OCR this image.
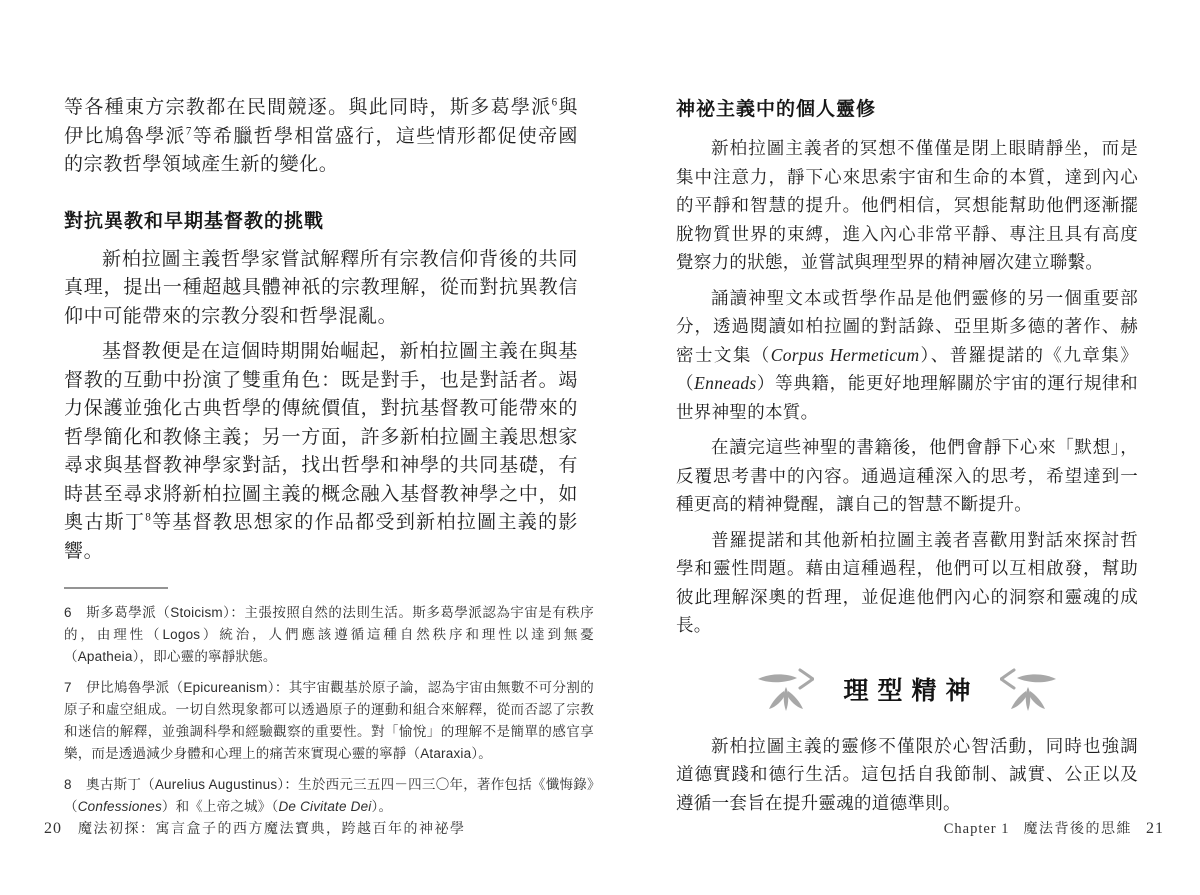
等各種東方宗教都在民間競逐。與此同時，斯多葛學派$^6$與伊比鳩魯學派$^7$等希臘哲學相當盛行，這些情形都促使帝國的宗教哲學領域產生新的變化。

對抗異教和早期基督教的挑戰

新柏拉圖主義哲學家嘗試解釋所有宗教信仰背後的共同真理，提出一種超越具體神祇的宗教理解，從而對抗異教信仰中可能帶來的宗教分裂和哲學混亂。

基督教便是在這個時期開始崛起，新柏拉圖主義在與基督教的互動中扮演了雙重角色：既是對手，也是對話者。竭力保護並強化古典哲學的傳統價值，對抗基督教可能帶來的哲學簡化和教條主義；另一方面，許多新柏拉圖主義思想家尋求與基督教神學家對話，找出哲學和神學的共同基礎，有時甚至尋求將新柏拉圖主義的概念融入基督教神學之中，如奧古斯丁$^8$等基督教思想家的作品都受到新柏拉圖主義的影響。

6 斯多葛學派（Stoicism）：主張按照自然的法則生活。斯多葛學派認為宇宙是有秩序的，由理性（Logos）統治，人們應該遵循這種自然秩序和理性以達到無憂（Apatheia），即心靈的寧靜狀態。

7 伊比鳩魯學派（Epicureanism）：其宇宙觀基於原子論，認為宇宙由無數不可分割的原子和虛空組成。一切自然現象都可以透過原子的運動和組合來解釋，從而否認了宗教和迷信的解釋，並強調科學和經驗觀察的重要性。對「愉悅」的理解不是簡單的感官享樂，而是透過減少身體和心理上的痛苦來實現心靈的寧靜（Ataraxia）。

8 奧古斯丁（Aurelius Augustinus）：生於西元三五四－四三〇年，著作包括《懺悔錄》（Confessiones）和《上帝之城》（De Civitate Dei）。

神祕主義中的個人靈修

新柏拉圖主義者的冥想不僅僅是閉上眼睛靜坐，而是集中注意力，靜下心來思索宇宙和生命的本質，達到內心的平靜和智慧的提升。他們相信，冥想能幫助他們逐漸擺脫物質世界的束縛，進入內心非常平靜、專注且具有高度覺察力的狀態，並嘗試與理型界的精神層次建立聯繫。

誦讀神聖文本或哲學作品是他們靈修的另一個重要部分，透過閱讀如柏拉圖的對話錄、亞里斯多德的著作、赫密士文集（Corpus Hermeticum）、普羅提諾的《九章集》（Enneads）等典籍，能更好地理解關於宇宙的運行規律和世界神聖的本質。

在讀完這些神聖的書籍後，他們會靜下心來「默想」，反覆思考書中的內容。通過這種深入的思考，希望達到一種更高的精神覺醒，讓自己的智慧不斷提升。

普羅提諾和其他新柏拉圖主義者喜歡用對話來探討哲學和靈性問題。藉由這種過程，他們可以互相啟發，幫助彼此理解深奧的哲理，並促進他們內心的洞察和靈魂的成長。

理型精神

新柏拉圖主義的靈修不僅限於心智活動，同時也強調道德實踐和德行生活。這包括自我節制、誠實、公正以及遵循一套旨在提升靈魂的道德準則。

20 魔法初探：寓言盒子的西方魔法寶典，跨越百年的神祕學	Chapter 1 魔法背後的思維 21
